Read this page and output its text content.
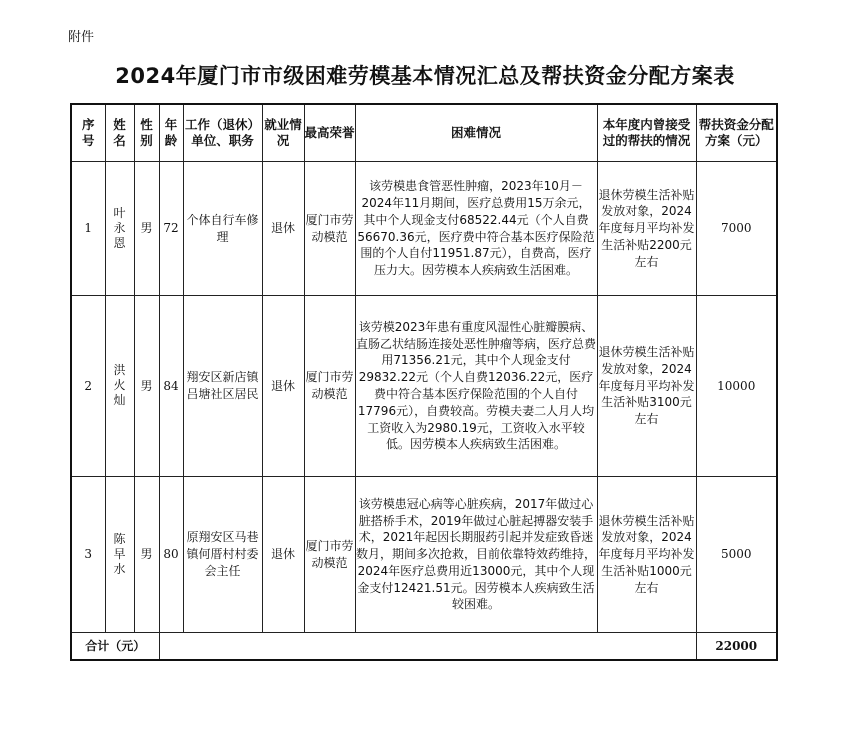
附件
2024年厦门市市级困难劳模基本情况汇总及帮扶资金分配方案表
序号	姓名	性别	年龄	工作（退休）单位、职务	就业情况	最高荣誉	困难情况	本年度内曾接受过的帮扶的情况	帮扶资金分配方案（元）
1	叶永恩	男	72	个体自行车修理	退休	厦门市劳动模范	该劳模患食管恶性肿瘤，2023年10月－2024年11月期间，医疗总费用15万余元，其中个人现金支付68522.44元（个人自费56670.36元，医疗费中符合基本医疗保险范围的个人自付11951.87元），自费高，医疗压力大。因劳模本人疾病致生活困难。	退休劳模生活补贴发放对象，2024年度每月平均补发生活补贴2200元左右	7000
2	洪火灿	男	84	翔安区新店镇吕塘社区居民	退休	厦门市劳动模范	该劳模2023年患有重度风湿性心脏瓣膜病、直肠乙状结肠连接处恶性肿瘤等病，医疗总费用71356.21元，其中个人现金支付29832.22元（个人自费12036.22元，医疗费中符合基本医疗保险范围的个人自付17796元），自费较高。劳模夫妻二人月人均工资收入为2980.19元，工资收入水平较低。因劳模本人疾病致生活困难。	退休劳模生活补贴发放对象，2024年度每月平均补发生活补贴3100元左右	10000
3	陈早水	男	80	原翔安区马巷镇何厝村村委会主任	退休	厦门市劳动模范	该劳模患冠心病等心脏疾病，2017年做过心脏搭桥手术，2019年做过心脏起搏器安装手术，2021年起因长期服药引起并发症致昏迷数月，期间多次抢救，目前依靠特效药维持，2024年医疗总费用近13000元，其中个人现金支付12421.51元。因劳模本人疾病致生活较困难。	退休劳模生活补贴发放对象，2024年度每月平均补发生活补贴1000元左右	5000
合计（元）									22000
